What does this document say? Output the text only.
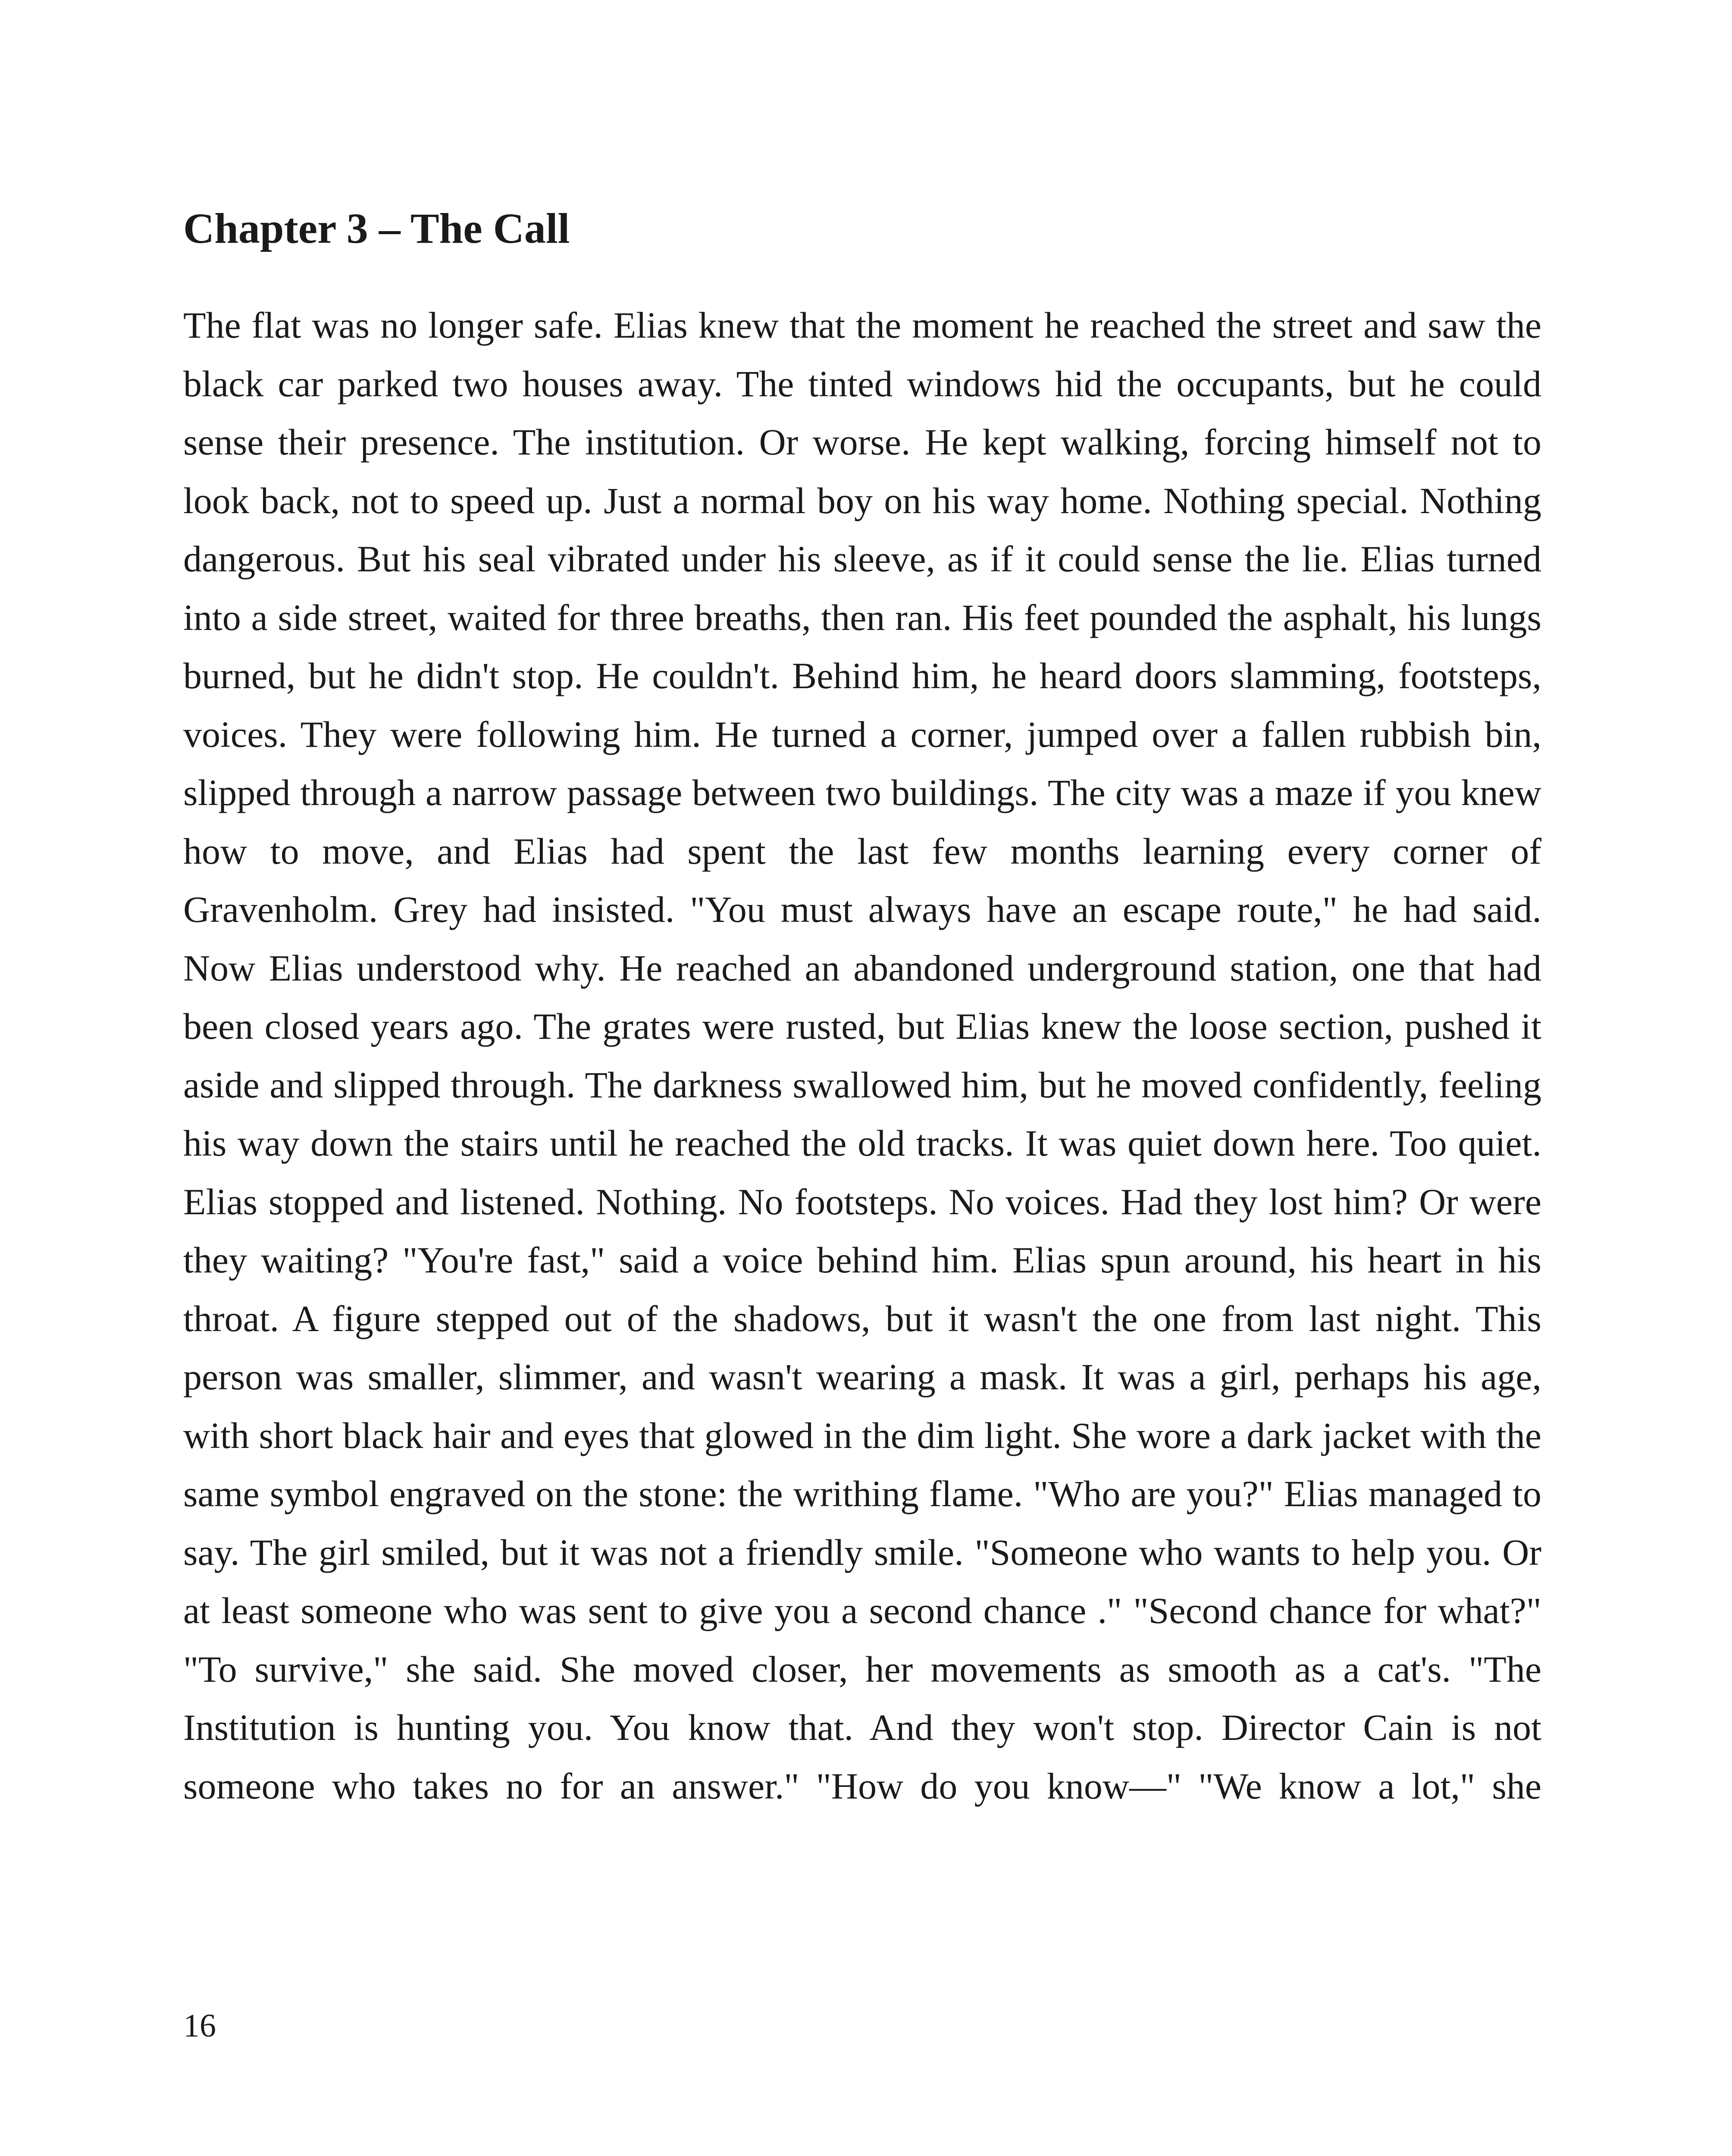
Chapter 3 – The Call

The flat was no longer safe. Elias knew that the moment he reached the street and saw the black car parked two houses away. The tinted windows hid the occupants, but he could sense their presence. The institution. Or worse. He kept walking, forcing himself not to look back, not to speed up. Just a normal boy on his way home. Nothing special. Nothing dangerous. But his seal vibrated under his sleeve, as if it could sense the lie. Elias turned into a side street, waited for three breaths, then ran. His feet pounded the asphalt, his lungs burned, but he didn't stop. He couldn't. Behind him, he heard doors slamming, footsteps, voices. They were following him. He turned a corner, jumped over a fallen rubbish bin, slipped through a narrow passage between two buildings. The city was a maze if you knew how to move, and Elias had spent the last few months learning every corner of Gravenholm. Grey had insisted. "You must always have an escape route," he had said. Now Elias understood why. He reached an abandoned underground station, one that had been closed years ago. The grates were rusted, but Elias knew the loose section, pushed it aside and slipped through. The darkness swallowed him, but he moved confidently, feeling his way down the stairs until he reached the old tracks. It was quiet down here. Too quiet. Elias stopped and listened. Nothing. No footsteps. No voices. Had they lost him? Or were they waiting? "You're fast," said a voice behind him. Elias spun around, his heart in his throat. A figure stepped out of the shadows, but it wasn't the one from last night. This person was smaller, slimmer, and wasn't wearing a mask. It was a girl, perhaps his age, with short black hair and eyes that glowed in the dim light. She wore a dark jacket with the same symbol engraved on the stone: the writhing flame. "Who are you?" Elias managed to say. The girl smiled, but it was not a friendly smile. "Someone who wants to help you. Or at least someone who was sent to give you a second chance ." "Second chance for what?" "To survive," she said. She moved closer, her movements as smooth as a cat's. "The Institution is hunting you. You know that. And they won't stop. Director Cain is not someone who takes no for an answer." "How do you know—" "We know a lot," she

16
